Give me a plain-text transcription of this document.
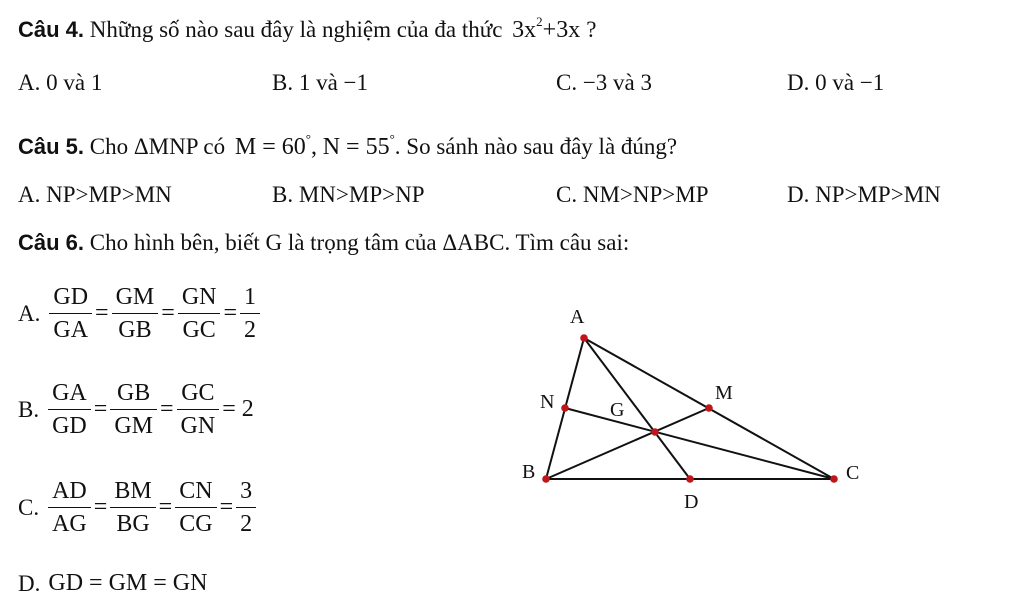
Câu 4. Những số nào sau đây là nghiệm của đa thức $3x^2+3x$ ?
A. 0 và 1	B. 1 và −1	C. −3 và 3	D. 0 và −1
Câu 5. Cho ΔMNP có M = 60°, N = 55°. So sánh nào sau đây là đúng?
A. NP>MP>MN	B. MN>MP>NP	C. NM>NP>MP	D. NP>MP>MN
Câu 6. Cho hình bên, biết G là trọng tâm của ΔABC. Tìm câu sai:
A. $\frac{GD}{GA} = \frac{GM}{GB} = \frac{GN}{GC} = \frac{1}{2}$
B. $\frac{GA}{GD} = \frac{GB}{GM} = \frac{GC}{GN} = 2$
C. $\frac{AD}{AG} = \frac{BM}{BG} = \frac{CN}{CG} = \frac{3}{2}$
D. GD = GM = GN
A
B	C
D
M
N	G
